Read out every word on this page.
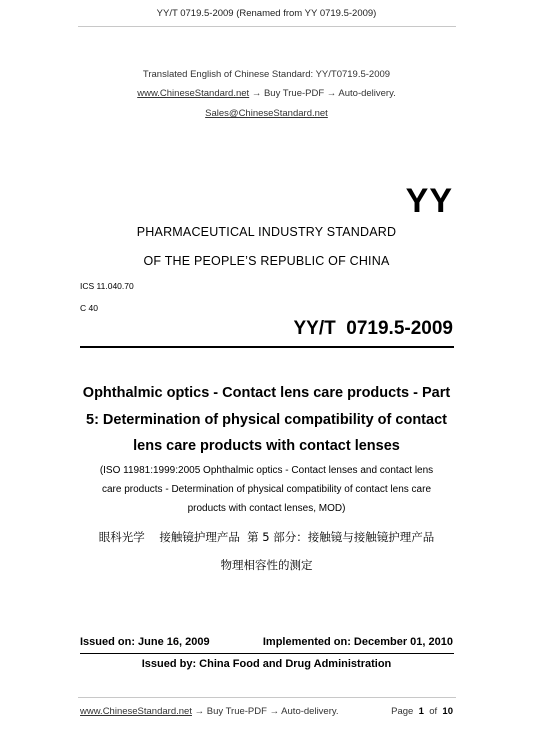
YY/T 0719.5-2009 (Renamed from YY 0719.5-2009)
Translated English of Chinese Standard: YY/T0719.5-2009
www.ChineseStandard.net → Buy True-PDF → Auto-delivery.
Sales@ChineseStandard.net
YY
PHARMACEUTICAL INDUSTRY STANDARD
OF THE PEOPLE’S REPUBLIC OF CHINA
ICS 11.040.70
C 40
YY/T  0719.5-2009
Ophthalmic optics - Contact lens care products - Part
5: Determination of physical compatibility of contact
lens care products with contact lenses
(ISO 11981:1999:2005 Ophthalmic optics - Contact lenses and contact lens
care products - Determination of physical compatibility of contact lens care
products with contact lenses, MOD)
眼科光学    接触镜护理产品  第 5 部分：接触镜与接触镜护理产品
物理相容性的测定
Issued on: June 16, 2009	Implemented on: December 01, 2010
Issued by: China Food and Drug Administration
www.ChineseStandard.net → Buy True-PDF → Auto-delivery.	Page 1 of 10
